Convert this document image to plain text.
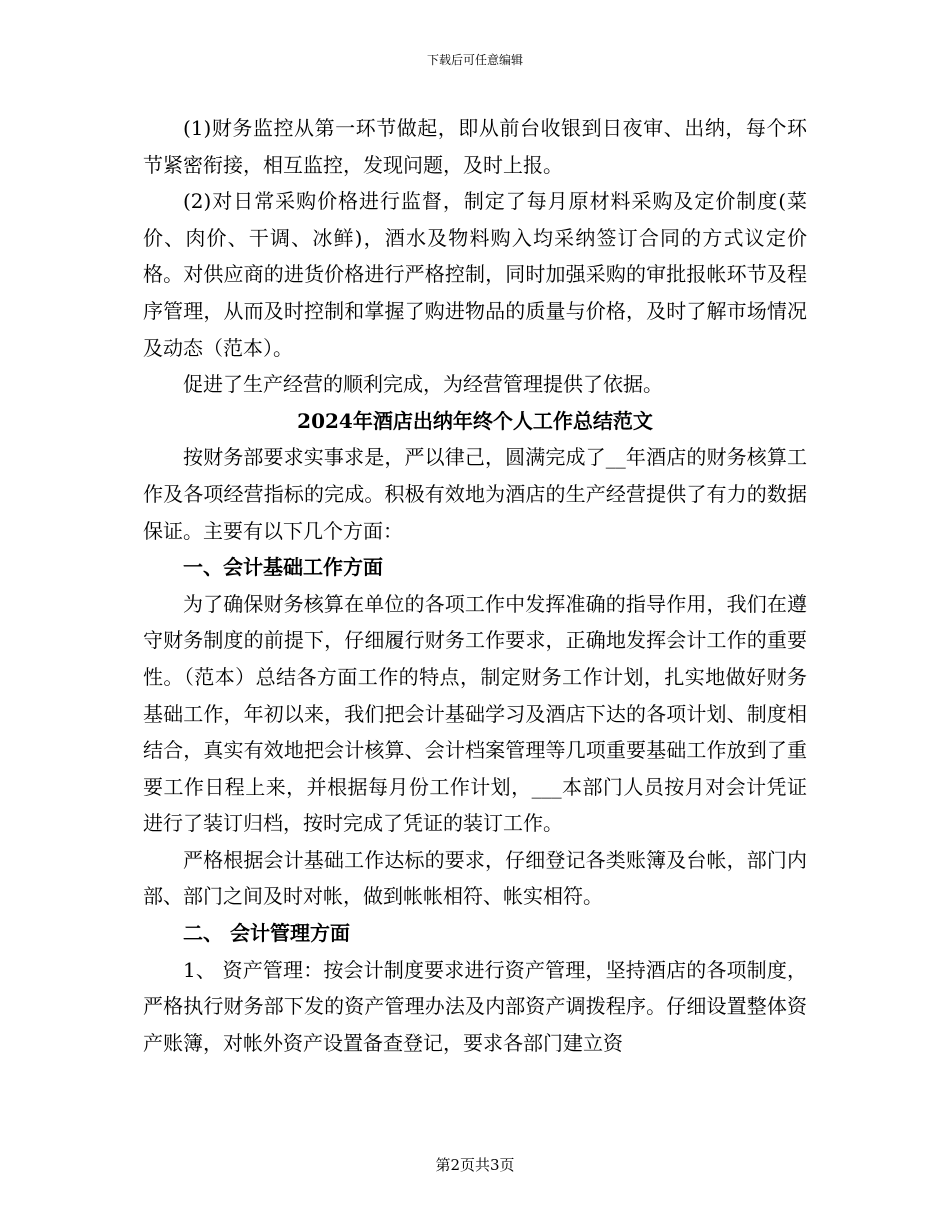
下载后可任意编辑

(1)财务监控从第一环节做起，即从前台收银到日夜审、出纳，每个环节紧密衔接，相互监控，发现问题，及时上报。

(2)对日常采购价格进行监督，制定了每月原材料采购及定价制度(菜价、肉价、干调、冰鲜)，酒水及物料购入均采纳签订合同的方式议定价格。对供应商的进货价格进行严格控制，同时加强采购的审批报帐环节及程序管理，从而及时控制和掌握了购进物品的质量与价格，及时了解市场情况及动态（范本）。

促进了生产经营的顺利完成，为经营管理提供了依据。

2024年酒店出纳年终个人工作总结范文

按财务部要求实事求是，严以律己，圆满完成了__年酒店的财务核算工作及各项经营指标的完成。积极有效地为酒店的生产经营提供了有力的数据保证。主要有以下几个方面：

一、会计基础工作方面

为了确保财务核算在单位的各项工作中发挥准确的指导作用，我们在遵守财务制度的前提下，仔细履行财务工作要求，正确地发挥会计工作的重要性。（范本）总结各方面工作的特点，制定财务工作计划，扎实地做好财务基础工作，年初以来，我们把会计基础学习及酒店下达的各项计划、制度相结合，真实有效地把会计核算、会计档案管理等几项重要基础工作放到了重要工作日程上来，并根据每月份工作计划，___本部门人员按月对会计凭证进行了装订归档，按时完成了凭证的装订工作。

严格根据会计基础工作达标的要求，仔细登记各类账簿及台帐，部门内部、部门之间及时对帐，做到帐帐相符、帐实相符。

二、 会计管理方面

1、 资产管理：按会计制度要求进行资产管理，坚持酒店的各项制度，严格执行财务部下发的资产管理办法及内部资产调拨程序。仔细设置整体资产账簿，对帐外资产设置备查登记，要求各部门建立资

第2页共3页
